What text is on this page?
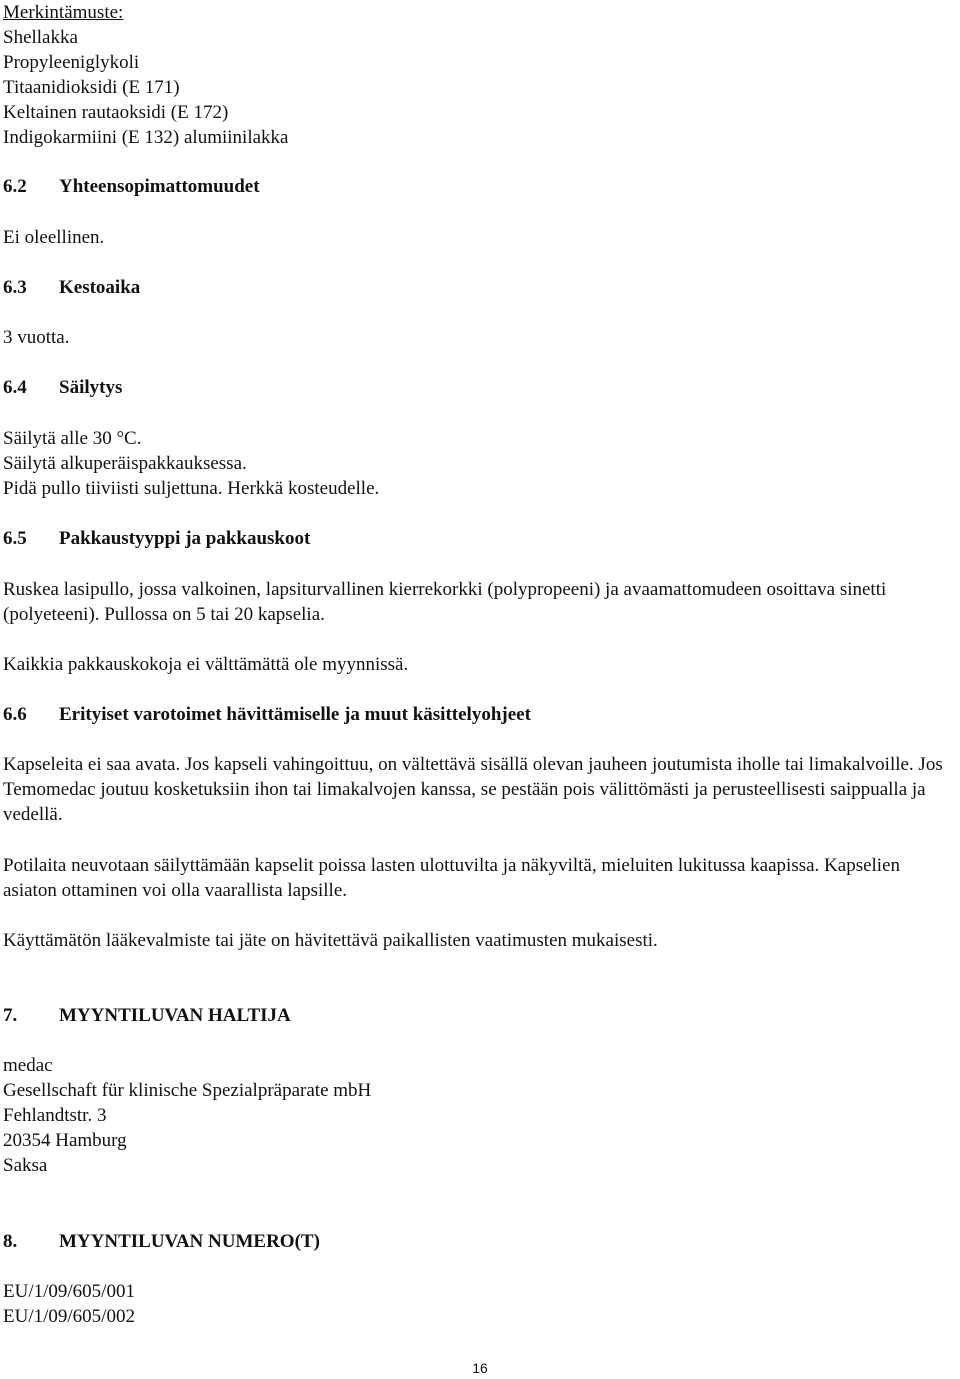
Merkintämuste:
Shellakka
Propyleeniglykoli
Titaanidioksidi (E 171)
Keltainen rautaoksidi (E 172)
Indigokarmiini (E 132) alumiinilakka
6.2 Yhteensopimattomuudet
Ei oleellinen.
6.3 Kestoaika
3 vuotta.
6.4 Säilytys
Säilytä alle 30 °C.
Säilytä alkuperäispakkauksessa.
Pidä pullo tiiviisti suljettuna. Herkkä kosteudelle.
6.5 Pakkaustyyppi ja pakkauskoot

Ruskea lasipullo, jossa valkoinen, lapsiturvallinen kierrekorkki (polypropeeni) ja avaamattomudeen osoittava sinetti (polyeteeni). Pullossa on 5 tai 20 kapselia.

Kaikkia pakkauskokoja ei välttämättä ole myynnissä.

6.6 Erityiset varotoimet hävittämiselle ja muut käsittelyohjeet

Kapseleita ei saa avata. Jos kapseli vahingoittuu, on vältettävä sisällä olevan jauheen joutumista iholle tai limakalvoille. Jos Temomedac joutuu kosketuksiin ihon tai limakalvojen kanssa, se pestään pois välittömästi ja perusteellisesti saippualla ja vedellä.

Potilaita neuvotaan säilyttämään kapselit poissa lasten ulottuvilta ja näkyviltä, mieluiten lukitussa kaapissa. Kapselien asiaton ottaminen voi olla vaarallista lapsille.

Käyttämätön lääkevalmiste tai jäte on hävitettävä paikallisten vaatimusten mukaisesti.

7. MYYNTILUVAN HALTIJA
medac
Gesellschaft für klinische Spezialpräparate mbH
Fehlandtstr. 3
20354 Hamburg
Saksa
8. MYYNTILUVAN NUMERO(T)
EU/1/09/605/001
EU/1/09/605/002
16
